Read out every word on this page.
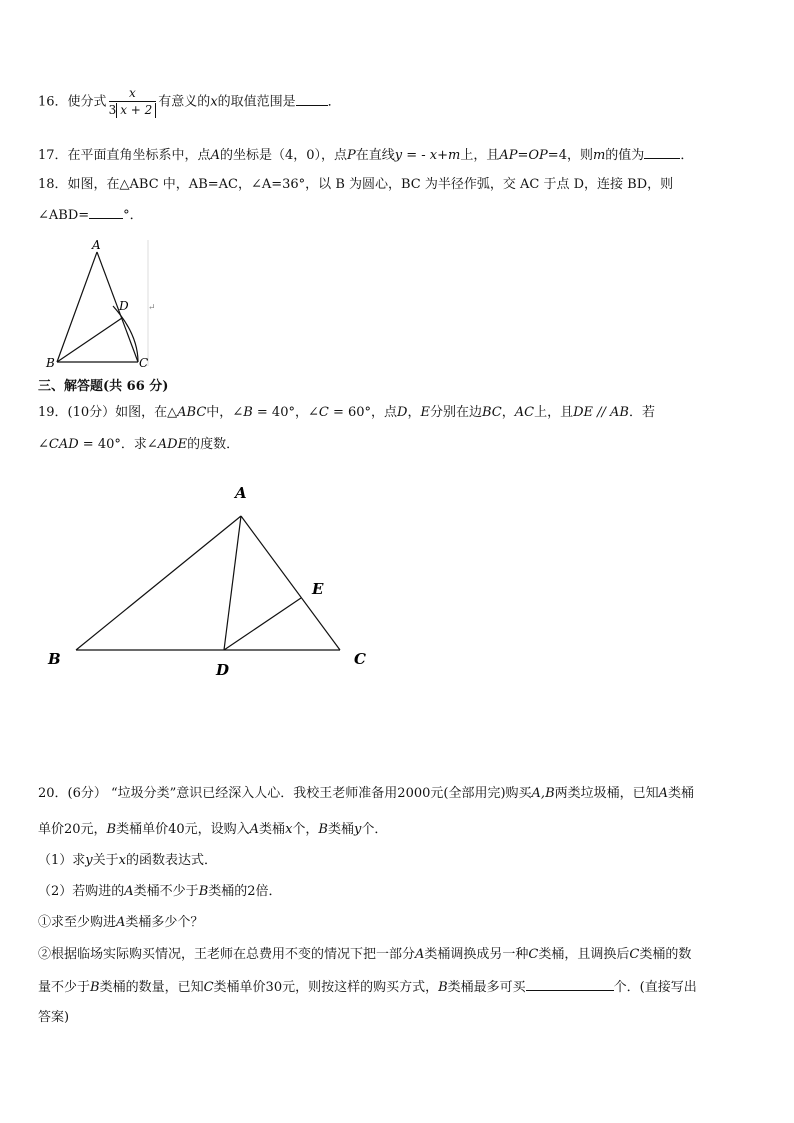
16．使分式 $\frac{x}{3 x + 2}$ 有意义的x的取值范围是 ．
17．在平面直角坐标系中，点A的坐标是（4，0），点P在直线y = - x+m上，且AP=OP=4，则m的值为	．
18．如图，在△ABC 中，AB=AC，∠A=36°，以 B 为圆心，BC 为半径作弧，交 AC 于点 D，连接 BD，则
∠ABD=	°．
A
B	C
D ↵
三、解答题(共 66 分)
19．(10分）如图，在△ABC中，∠B = 40°，∠C = 60°，点D，E分别在边BC，AC上，且DE // AB．若
∠CAD = 40°．求∠ADE的度数．
A
B	C
D
E
20．(6分） “垃圾分类”意识已经深入人心．我校王老师准备用2000元(全部用完)购买A,B两类垃圾桶，已知A类桶
单价20元，B类桶单价40元，设购入A类桶x个，B类桶y个．
（1）求y关于x的函数表达式．
（2）若购进的A类桶不少于B类桶的2倍．
①求至少购进A类桶多少个？
②根据临场实际购买情况，王老师在总费用不变的情况下把一部分A类桶调换成另一种C类桶，且调换后C类桶的数
量不少于B类桶的数量，已知C类桶单价30元，则按这样的购买方式，B类桶最多可买	个．(直接写出
答案)
